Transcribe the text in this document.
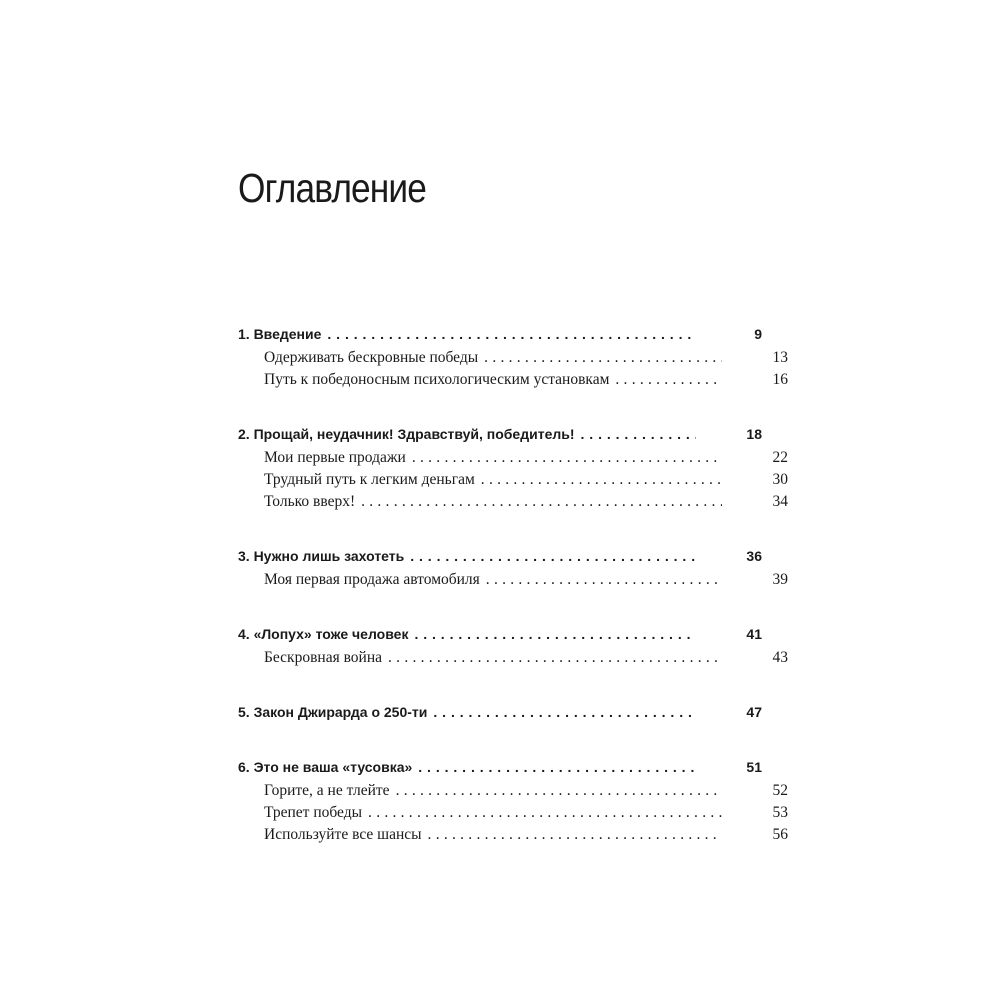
Оглавление
1. Введение . . .	9
Одерживать бескровные победы . . .	13
Путь к победоносным психологическим установкам . . .	16
2. Прощай, неудачник! Здравствуй, победитель! . . .	18
Мои первые продажи . . .	22
Трудный путь к легким деньгам . . .	30
Только вверх! . . .	34
3. Нужно лишь захотеть . . .	36
Моя первая продажа автомобиля . . .	39
4. «Лопух» тоже человек . . .	41
Бескровная война . . .	43
5. Закон Джирарда о 250-ти . . .	47
6. Это не ваша «тусовка» . . .	51
Горите, а не тлейте . . .	52
Трепет победы . . .	53
Используйте все шансы . . .	56
